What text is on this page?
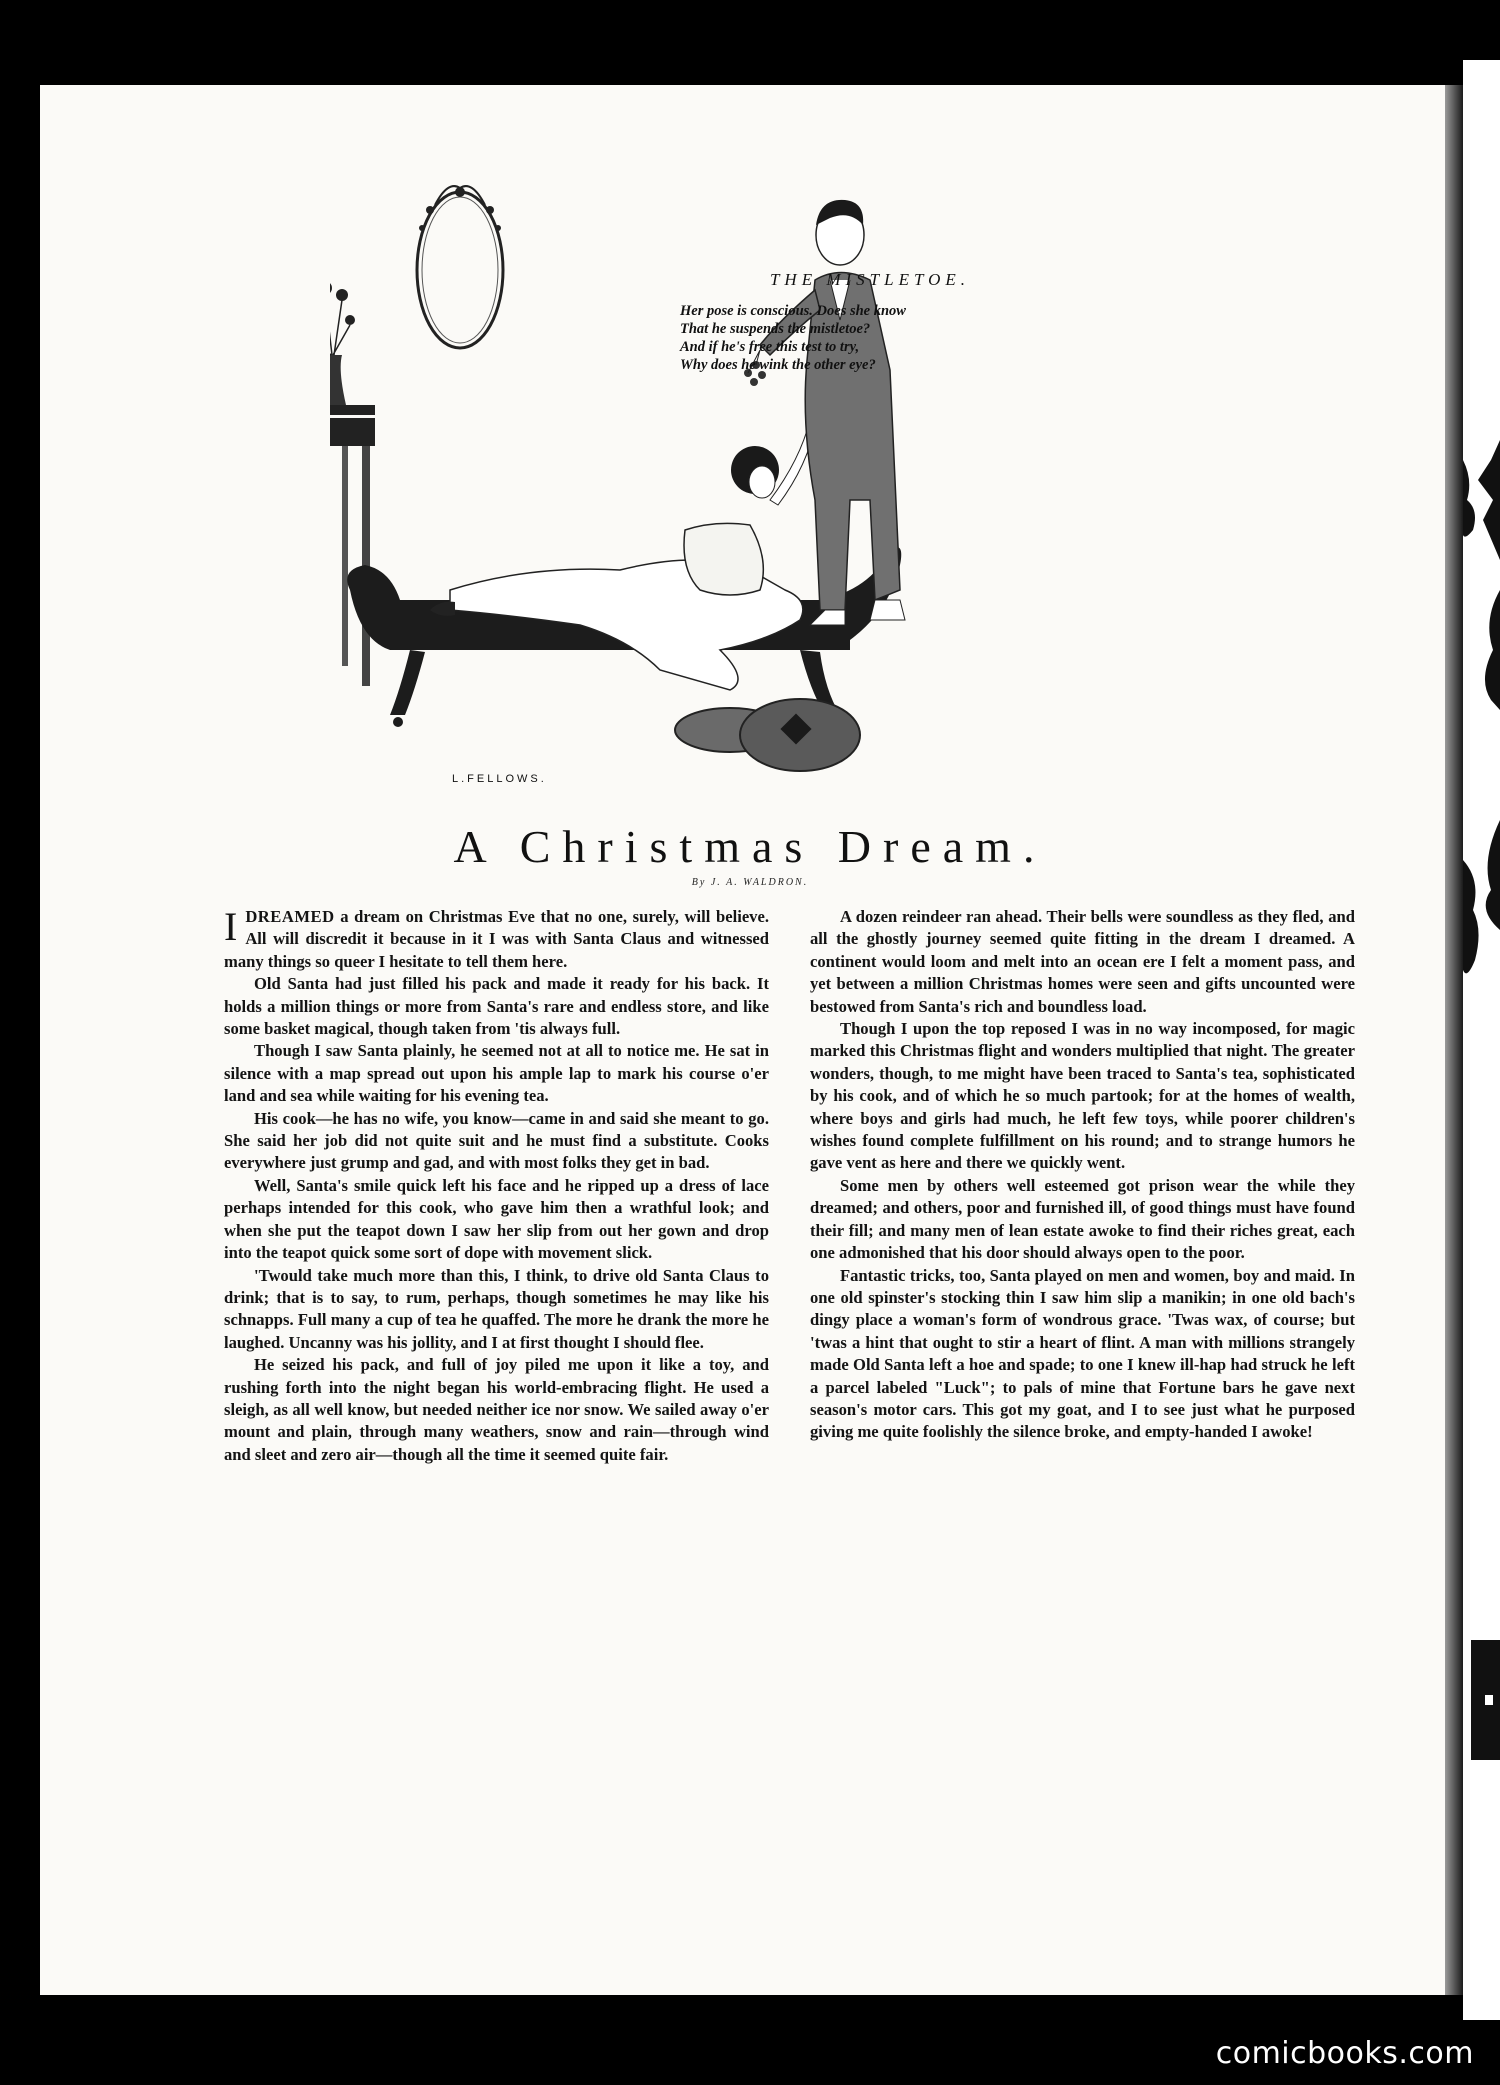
THE MISTLETOE.
Her pose is conscious. Does she know
That he suspends the mistletoe?
And if he's free this test to try,
Why does he wink the other eye?
L.FELLOWS.
A Christmas Dream.
By J. A. WALDRON.

IDREAMED a dream on Christmas Eve that no one, surely, will believe. All will discredit it because in it I was with Santa Claus and witnessed many things so queer I hesitate to tell them here.

Old Santa had just filled his pack and made it ready for his back. It holds a million things or more from Santa's rare and endless store, and like some basket magical, though taken from 'tis always full.

Though I saw Santa plainly, he seemed not at all to notice me. He sat in silence with a map spread out upon his ample lap to mark his course o'er land and sea while waiting for his evening tea.

His cook—he has no wife, you know—came in and said she meant to go. She said her job did not quite suit and he must find a substitute. Cooks everywhere just grump and gad, and with most folks they get in bad.

Well, Santa's smile quick left his face and he ripped up a dress of lace perhaps intended for this cook, who gave him then a wrathful look; and when she put the teapot down I saw her slip from out her gown and drop into the teapot quick some sort of dope with movement slick.

'Twould take much more than this, I think, to drive old Santa Claus to drink; that is to say, to rum, perhaps, though sometimes he may like his schnapps. Full many a cup of tea he quaffed. The more he drank the more he laughed. Uncanny was his jollity, and I at first thought I should flee.

He seized his pack, and full of joy piled me upon it like a toy, and rushing forth into the night began his world-embracing flight. He used a sleigh, as all well know, but needed neither ice nor snow. We sailed away o'er mount and plain, through many weathers, snow and rain—through wind and sleet and zero air—though all the time it seemed quite fair.

A dozen reindeer ran ahead. Their bells were soundless as they fled, and all the ghostly journey seemed quite fitting in the dream I dreamed. A continent would loom and melt into an ocean ere I felt a moment pass, and yet between a million Christmas homes were seen and gifts uncounted were bestowed from Santa's rich and boundless load.

Though I upon the top reposed I was in no way incomposed, for magic marked this Christmas flight and wonders multiplied that night. The greater wonders, though, to me might have been traced to Santa's tea, sophisticated by his cook, and of which he so much partook; for at the homes of wealth, where boys and girls had much, he left few toys, while poorer children's wishes found complete fulfillment on his round; and to strange humors he gave vent as here and there we quickly went.

Some men by others well esteemed got prison wear the while they dreamed; and others, poor and furnished ill, of good things must have found their fill; and many men of lean estate awoke to find their riches great, each one admonished that his door should always open to the poor.

Fantastic tricks, too, Santa played on men and women, boy and maid. In one old spinster's stocking thin I saw him slip a manikin; in one old bach's dingy place a woman's form of wondrous grace. 'Twas wax, of course; but 'twas a hint that ought to stir a heart of flint. A man with millions strangely made Old Santa left a hoe and spade; to one I knew ill-hap had struck he left a parcel labeled "Luck"; to pals of mine that Fortune bars he gave next season's motor cars. This got my goat, and I to see just what he purposed giving me quite foolishly the silence broke, and empty-handed I awoke!

comicbooks.com
